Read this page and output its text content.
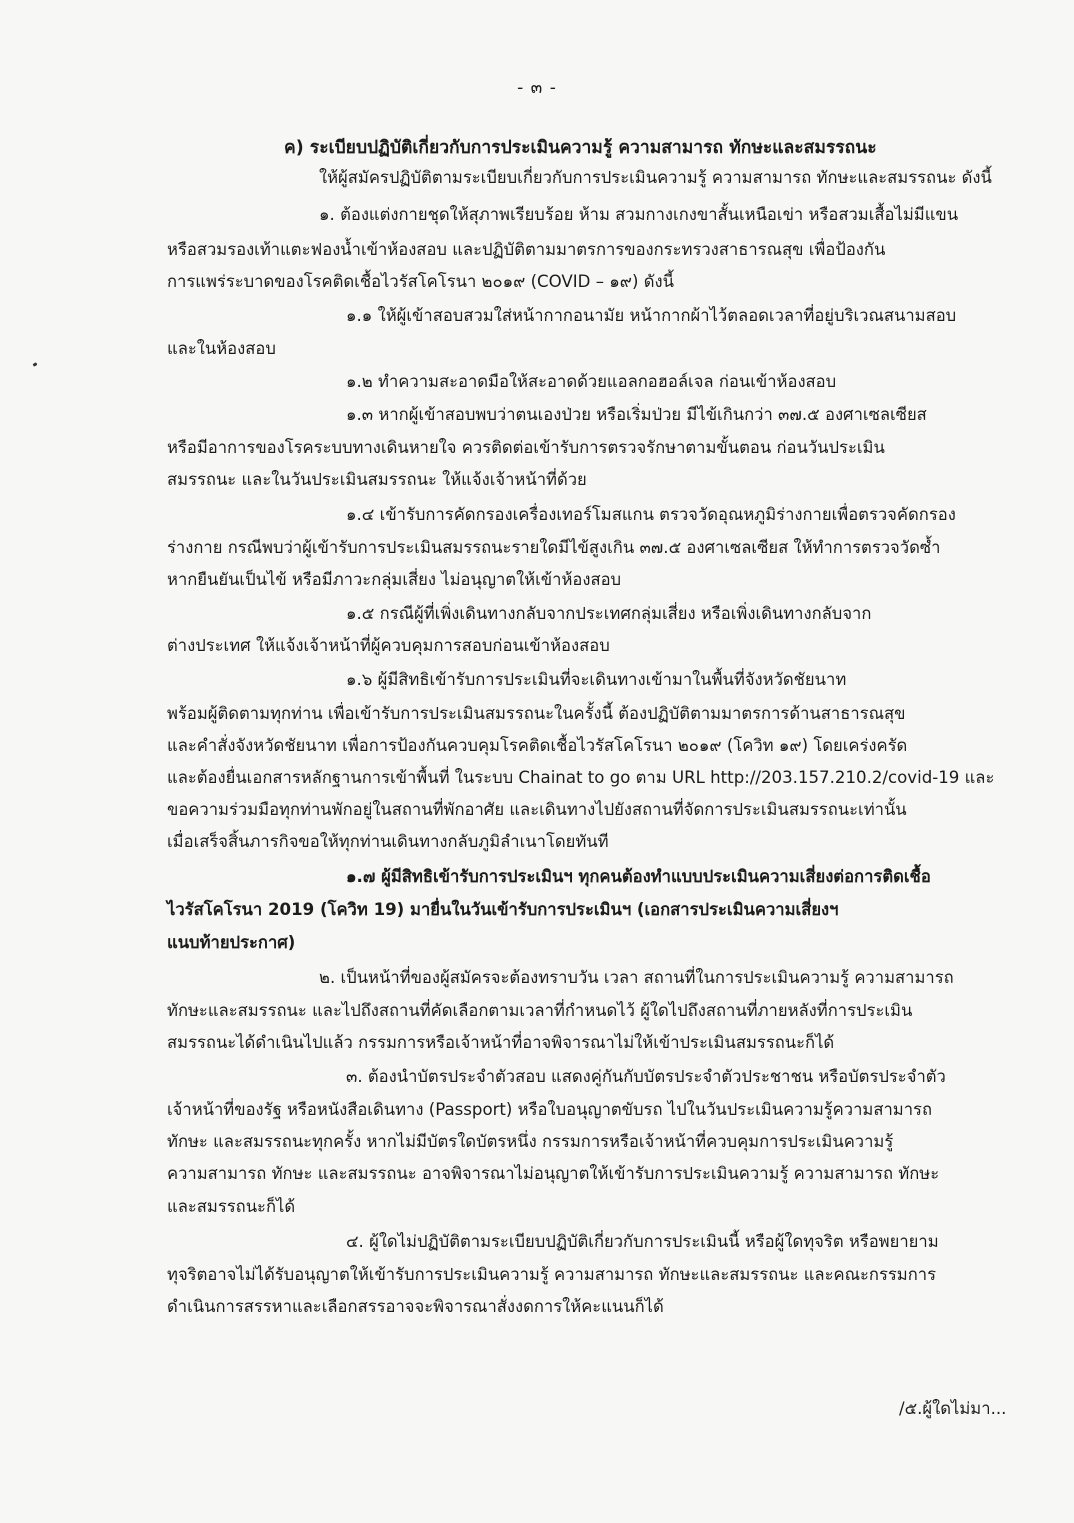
- ๓ -
ค) ระเบียบปฏิบัติเกี่ยวกับการประเมินความรู้ ความสามารถ ทักษะและสมรรถนะ
ให้ผู้สมัครปฏิบัติตามระเบียบเกี่ยวกับการประเมินความรู้ ความสามารถ ทักษะและสมรรถนะ ดังนี้
๑. ต้องแต่งกายชุดให้สุภาพเรียบร้อย ห้าม สวมกางเกงขาสั้นเหนือเข่า หรือสวมเสื้อไม่มีแขน
หรือสวมรองเท้าแตะฟองน้ำเข้าห้องสอบ และปฏิบัติตามมาตรการของกระทรวงสาธารณสุข เพื่อป้องกัน
การแพร่ระบาดของโรคติดเชื้อไวรัสโคโรนา ๒๐๑๙ (COVID – ๑๙) ดังนี้
๑.๑ ให้ผู้เข้าสอบสวมใส่หน้ากากอนามัย หน้ากากผ้าไว้ตลอดเวลาที่อยู่บริเวณสนามสอบ
และในห้องสอบ
๑.๒ ทำความสะอาดมือให้สะอาดด้วยแอลกอฮอล์เจล ก่อนเข้าห้องสอบ
๑.๓ หากผู้เข้าสอบพบว่าตนเองป่วย หรือเริ่มป่วย มีไข้เกินกว่า ๓๗.๕ องศาเซลเซียส
หรือมีอาการของโรคระบบทางเดินหายใจ ควรติดต่อเข้ารับการตรวจรักษาตามขั้นตอน ก่อนวันประเมิน
สมรรถนะ และในวันประเมินสมรรถนะ ให้แจ้งเจ้าหน้าที่ด้วย
๑.๔ เข้ารับการคัดกรองเครื่องเทอร์โมสแกน ตรวจวัดอุณหภูมิร่างกายเพื่อตรวจคัดกรอง
ร่างกาย กรณีพบว่าผู้เข้ารับการประเมินสมรรถนะรายใดมีไข้สูงเกิน ๓๗.๕ องศาเซลเซียส ให้ทำการตรวจวัดซ้ำ
หากยืนยันเป็นไข้ หรือมีภาวะกลุ่มเสี่ยง ไม่อนุญาตให้เข้าห้องสอบ
๑.๕ กรณีผู้ที่เพิ่งเดินทางกลับจากประเทศกลุ่มเสี่ยง หรือเพิ่งเดินทางกลับจาก
ต่างประเทศ ให้แจ้งเจ้าหน้าที่ผู้ควบคุมการสอบก่อนเข้าห้องสอบ
๑.๖ ผู้มีสิทธิเข้ารับการประเมินที่จะเดินทางเข้ามาในพื้นที่จังหวัดชัยนาท
พร้อมผู้ติดตามทุกท่าน เพื่อเข้ารับการประเมินสมรรถนะในครั้งนี้ ต้องปฏิบัติตามมาตรการด้านสาธารณสุข
และคำสั่งจังหวัดชัยนาท เพื่อการป้องกันควบคุมโรคติดเชื้อไวรัสโคโรนา ๒๐๑๙ (โควิท ๑๙) โดยเคร่งครัด
และต้องยื่นเอกสารหลักฐานการเข้าพื้นที่ ในระบบ Chainat to go ตาม URL http://203.157.210.2/covid-19 และ
ขอความร่วมมือทุกท่านพักอยู่ในสถานที่พักอาศัย และเดินทางไปยังสถานที่จัดการประเมินสมรรถนะเท่านั้น
เมื่อเสร็จสิ้นภารกิจขอให้ทุกท่านเดินทางกลับภูมิลำเนาโดยทันที
๑.๗ ผู้มีสิทธิเข้ารับการประเมินฯ ทุกคนต้องทำแบบประเมินความเสี่ยงต่อการติดเชื้อ
ไวรัสโคโรนา 2019 (โควิท 19) มายื่นในวันเข้ารับการประเมินฯ (เอกสารประเมินความเสี่ยงฯ
แนบท้ายประกาศ)
๒. เป็นหน้าที่ของผู้สมัครจะต้องทราบวัน เวลา สถานที่ในการประเมินความรู้ ความสามารถ
ทักษะและสมรรถนะ และไปถึงสถานที่คัดเลือกตามเวลาที่กำหนดไว้ ผู้ใดไปถึงสถานที่ภายหลังที่การประเมิน
สมรรถนะได้ดำเนินไปแล้ว กรรมการหรือเจ้าหน้าที่อาจพิจารณาไม่ให้เข้าประเมินสมรรถนะก็ได้
๓. ต้องนำบัตรประจำตัวสอบ แสดงคู่กันกับบัตรประจำตัวประชาชน หรือบัตรประจำตัว
เจ้าหน้าที่ของรัฐ หรือหนังสือเดินทาง (Passport) หรือใบอนุญาตขับรถ ไปในวันประเมินความรู้ความสามารถ
ทักษะ และสมรรถนะทุกครั้ง หากไม่มีบัตรใดบัตรหนึ่ง กรรมการหรือเจ้าหน้าที่ควบคุมการประเมินความรู้
ความสามารถ ทักษะ และสมรรถนะ อาจพิจารณาไม่อนุญาตให้เข้ารับการประเมินความรู้ ความสามารถ ทักษะ
และสมรรถนะก็ได้
๔. ผู้ใดไม่ปฏิบัติตามระเบียบปฏิบัติเกี่ยวกับการประเมินนี้ หรือผู้ใดทุจริต หรือพยายาม
ทุจริตอาจไม่ได้รับอนุญาตให้เข้ารับการประเมินความรู้ ความสามารถ ทักษะและสมรรถนะ และคณะกรรมการ
ดำเนินการสรรหาและเลือกสรรอาจจะพิจารณาสั่งงดการให้คะแนนก็ได้
/๕.ผู้ใดไม่มา...
